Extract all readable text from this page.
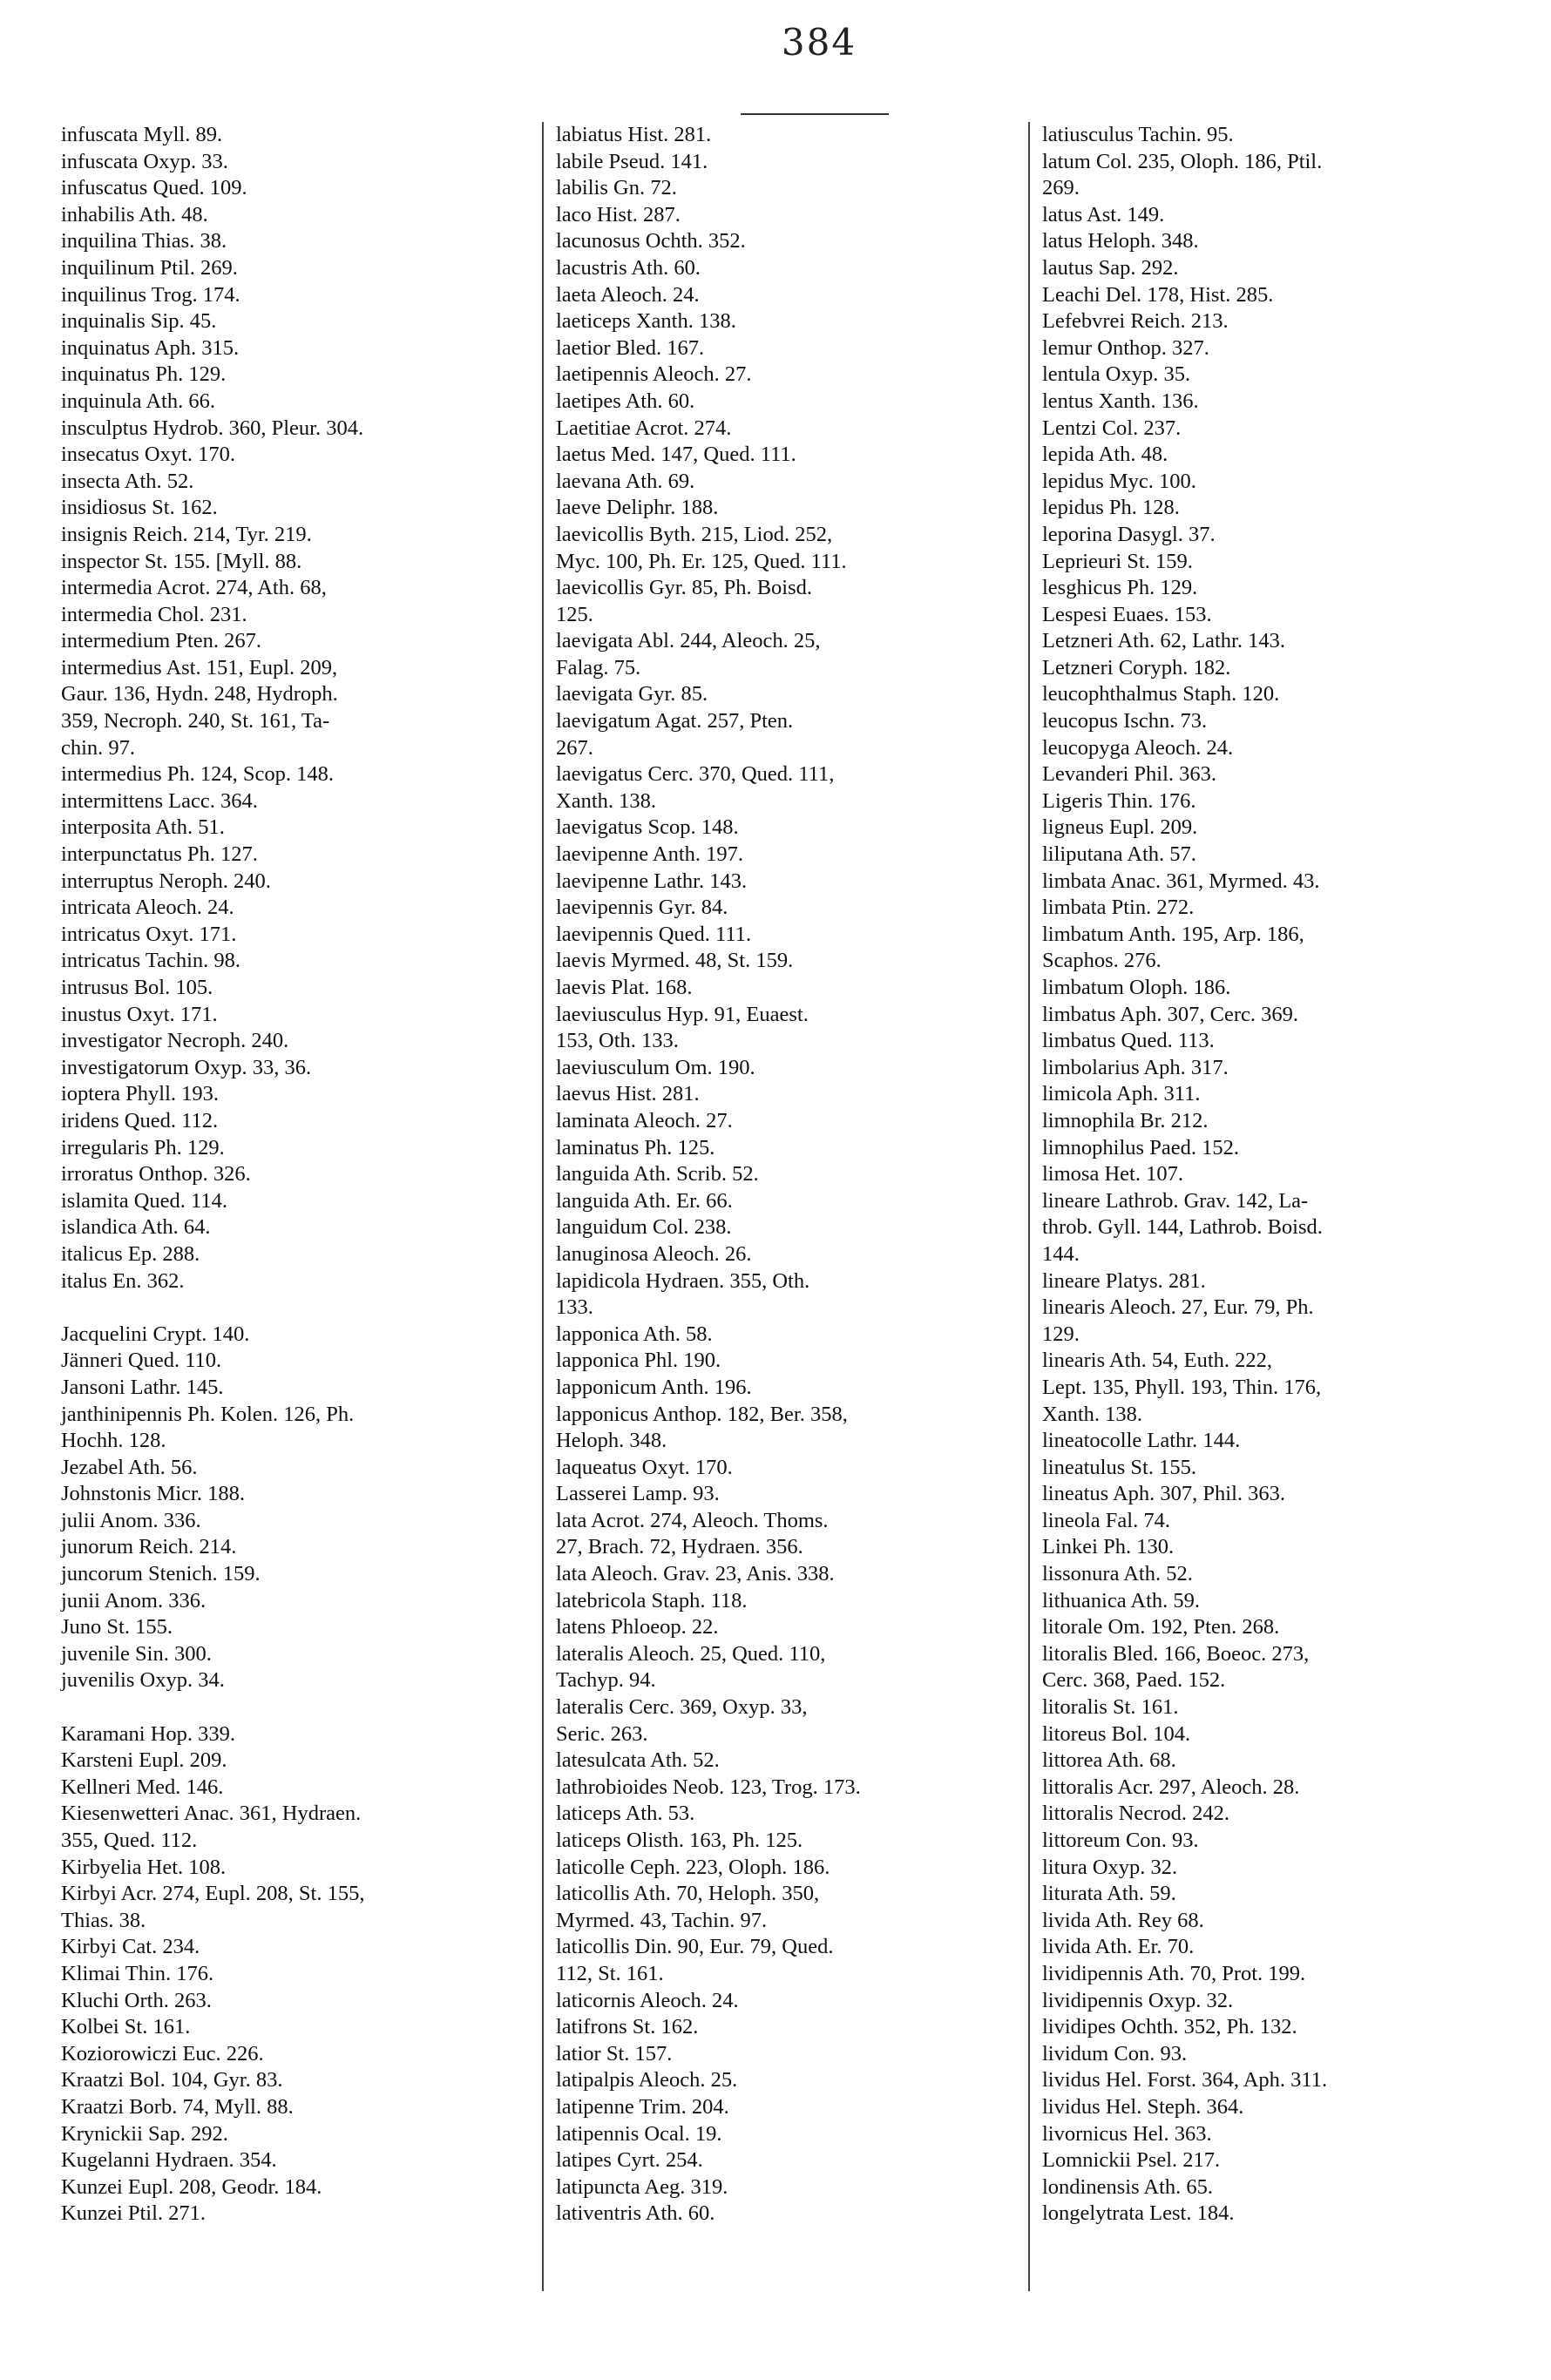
384
infuscata Myll. 89.
infuscata Oxyp. 33.
infuscatus Qued. 109.
inhabilis Ath. 48.
inquilina Thias. 38.
inquilinum Ptil. 269.
inquilinus Trog. 174.
inquinalis Sip. 45.
inquinatus Aph. 315.
inquinatus Ph. 129.
inquinula Ath. 66.
insculptus Hydrob. 360, Pleur. 304.
insecatus Oxyt. 170.
insecta Ath. 52.
insidiosus St. 162.
insignis Reich. 214, Tyr. 219.
inspector St. 155. [Myll. 88.
intermedia Acrot. 274, Ath. 68,
intermedia Chol. 231.
intermedium Pten. 267.
intermedius Ast. 151, Eupl. 209,
Gaur. 136, Hydn. 248, Hydroph.
359, Necroph. 240, St. 161, Ta-
chin. 97.
intermedius Ph. 124, Scop. 148.
intermittens Lacc. 364.
interposita Ath. 51.
interpunctatus Ph. 127.
interruptus Neroph. 240.
intricata Aleoch. 24.
intricatus Oxyt. 171.
intricatus Tachin. 98.
intrusus Bol. 105.
inustus Oxyt. 171.
investigator Necroph. 240.
investigatorum Oxyp. 33, 36.
ioptera Phyll. 193.
iridens Qued. 112.
irregularis Ph. 129.
irroratus Onthop. 326.
islamita Qued. 114.
islandica Ath. 64.
italicus Ep. 288.
italus En. 362.
Jacquelini Crypt. 140.
Jänneri Qued. 110.
Jansoni Lathr. 145.
janthinipennis Ph. Kolen. 126, Ph.
Hochh. 128.
Jezabel Ath. 56.
Johnstonis Micr. 188.
julii Anom. 336.
junorum Reich. 214.
juncorum Stenich. 159.
junii Anom. 336.
Juno St. 155.
juvenile Sin. 300.
juvenilis Oxyp. 34.
Karamani Hop. 339.
Karsteni Eupl. 209.
Kellneri Med. 146.
Kiesenwetteri Anac. 361, Hydraen.
355, Qued. 112.
Kirbyelia Het. 108.
Kirbyi Acr. 274, Eupl. 208, St. 155,
Thias. 38.
Kirbyi Cat. 234.
Klimai Thin. 176.
Kluchi Orth. 263.
Kolbei St. 161.
Koziorowiczi Euc. 226.
Kraatzi Bol. 104, Gyr. 83.
Kraatzi Borb. 74, Myll. 88.
Krynickii Sap. 292.
Kugelanni Hydraen. 354.
Kunzei Eupl. 208, Geodr. 184.
Kunzei Ptil. 271.
labiatus Hist. 281.
labile Pseud. 141.
labilis Gn. 72.
laco Hist. 287.
lacunosus Ochth. 352.
lacustris Ath. 60.
laeta Aleoch. 24.
laeticeps Xanth. 138.
laetior Bled. 167.
laetipennis Aleoch. 27.
laetipes Ath. 60.
Laetitiae Acrot. 274.
laetus Med. 147, Qued. 111.
laevana Ath. 69.
laeve Deliphr. 188.
laevicollis Byth. 215, Liod. 252,
Myc. 100, Ph. Er. 125, Qued. 111.
laevicollis Gyr. 85, Ph. Boisd.
125.
laevigata Abl. 244, Aleoch. 25,
Falag. 75.
laevigata Gyr. 85.
laevigatum Agat. 257, Pten.
267.
laevigatus Cerc. 370, Qued. 111,
Xanth. 138.
laevigatus Scop. 148.
laevipenne Anth. 197.
laevipenne Lathr. 143.
laevipennis Gyr. 84.
laevipennis Qued. 111.
laevis Myrmed. 48, St. 159.
laevis Plat. 168.
laeviusculus Hyp. 91, Euaest.
153, Oth. 133.
laeviusculum Om. 190.
laevus Hist. 281.
laminata Aleoch. 27.
laminatus Ph. 125.
languida Ath. Scrib. 52.
languida Ath. Er. 66.
languidum Col. 238.
lanuginosa Aleoch. 26.
lapidicola Hydraen. 355, Oth.
133.
lapponica Ath. 58.
lapponica Phl. 190.
lapponicum Anth. 196.
lapponicus Anthop. 182, Ber. 358,
Heloph. 348.
laqueatus Oxyt. 170.
Lasserei Lamp. 93.
lata Acrot. 274, Aleoch. Thoms.
27, Brach. 72, Hydraen. 356.
lata Aleoch. Grav. 23, Anis. 338.
latebricola Staph. 118.
latens Phloeop. 22.
lateralis Aleoch. 25, Qued. 110,
Tachyp. 94.
lateralis Cerc. 369, Oxyp. 33,
Seric. 263.
latesulcata Ath. 52.
lathrobioides Neob. 123, Trog. 173.
laticeps Ath. 53.
laticeps Olisth. 163, Ph. 125.
laticolle Ceph. 223, Oloph. 186.
laticollis Ath. 70, Heloph. 350,
Myrmed. 43, Tachin. 97.
laticollis Din. 90, Eur. 79, Qued.
112, St. 161.
laticornis Aleoch. 24.
latifrons St. 162.
latior St. 157.
latipalpis Aleoch. 25.
latipenne Trim. 204.
latipennis Ocal. 19.
latipes Cyrt. 254.
latipuncta Aeg. 319.
lativentris Ath. 60.
latiusculus Tachin. 95.
latum Col. 235, Oloph. 186, Ptil.
269.
latus Ast. 149.
latus Heloph. 348.
lautus Sap. 292.
Leachi Del. 178, Hist. 285.
Lefebvrei Reich. 213.
lemur Onthop. 327.
lentula Oxyp. 35.
lentus Xanth. 136.
Lentzi Col. 237.
lepida Ath. 48.
lepidus Myc. 100.
lepidus Ph. 128.
leporina Dasygl. 37.
Leprieuri St. 159.
lesghicus Ph. 129.
Lespesi Euaes. 153.
Letzneri Ath. 62, Lathr. 143.
Letzneri Coryph. 182.
leucophthalmus Staph. 120.
leucopus Ischn. 73.
leucopyga Aleoch. 24.
Levanderi Phil. 363.
Ligeris Thin. 176.
ligneus Eupl. 209.
liliputana Ath. 57.
limbata Anac. 361, Myrmed. 43.
limbata Ptin. 272.
limbatum Anth. 195, Arp. 186,
Scaphos. 276.
limbatum Oloph. 186.
limbatus Aph. 307, Cerc. 369.
limbatus Qued. 113.
limbolarius Aph. 317.
limicola Aph. 311.
limnophila Br. 212.
limnophilus Paed. 152.
limosa Het. 107.
lineare Lathrob. Grav. 142, La-
throb. Gyll. 144, Lathrob. Boisd.
144.
lineare Platys. 281.
linearis Aleoch. 27, Eur. 79, Ph.
129.
linearis Ath. 54, Euth. 222,
Lept. 135, Phyll. 193, Thin. 176,
Xanth. 138.
lineatocolle Lathr. 144.
lineatulus St. 155.
lineatus Aph. 307, Phil. 363.
lineola Fal. 74.
Linkei Ph. 130.
lissonura Ath. 52.
lithuanica Ath. 59.
litorale Om. 192, Pten. 268.
litoralis Bled. 166, Boeoc. 273,
Cerc. 368, Paed. 152.
litoralis St. 161.
litoreus Bol. 104.
littorea Ath. 68.
littoralis Acr. 297, Aleoch. 28.
littoralis Necrod. 242.
littoreum Con. 93.
litura Oxyp. 32.
liturata Ath. 59.
livida Ath. Rey 68.
livida Ath. Er. 70.
lividipennis Ath. 70, Prot. 199.
lividipennis Oxyp. 32.
lividipes Ochth. 352, Ph. 132.
lividum Con. 93.
lividus Hel. Forst. 364, Aph. 311.
lividus Hel. Steph. 364.
livornicus Hel. 363.
Lomnickii Psel. 217.
londinensis Ath. 65.
longelytrata Lest. 184.
